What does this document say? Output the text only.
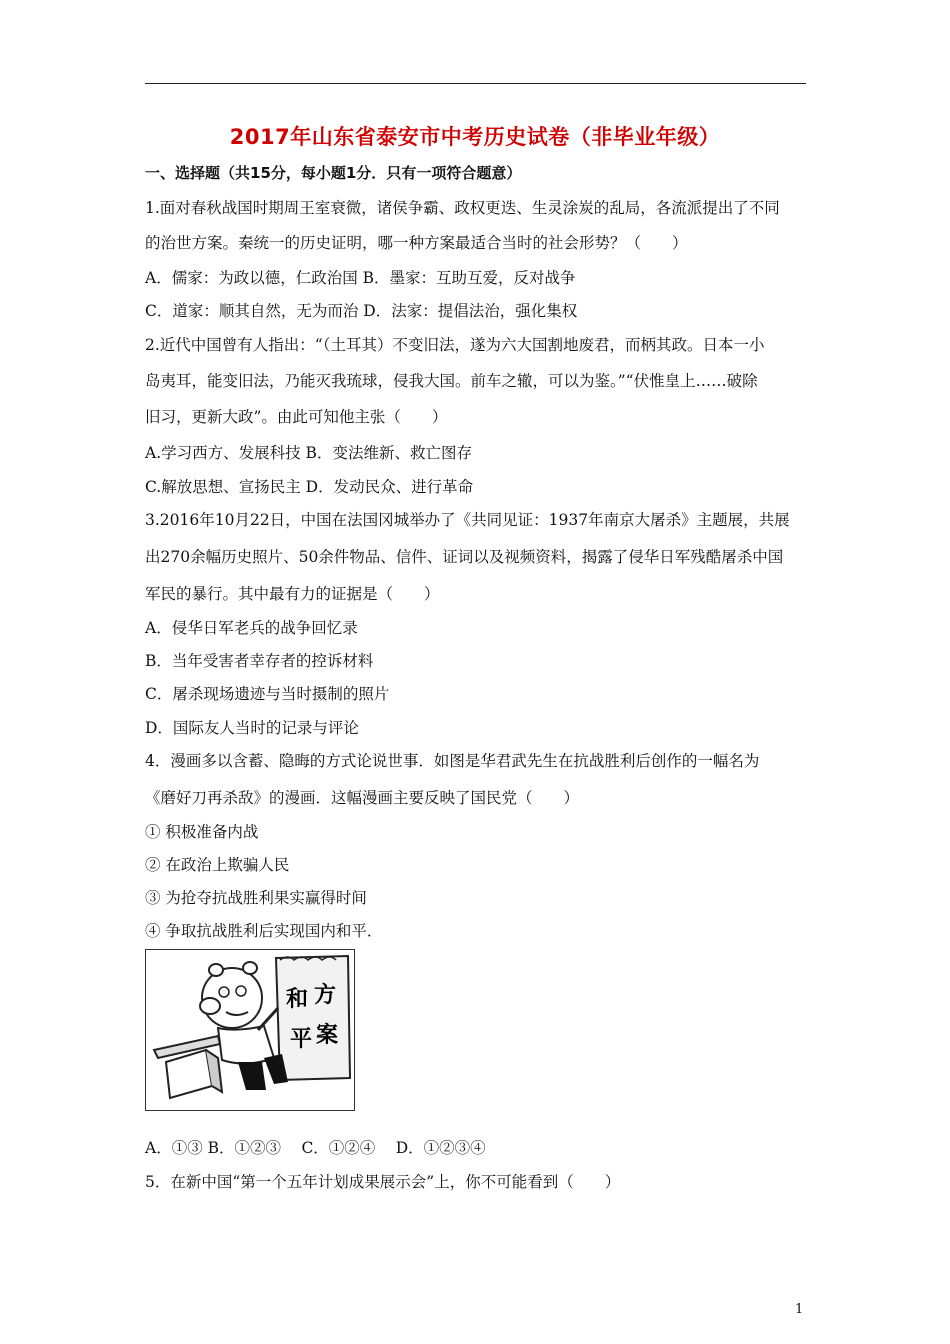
2017年山东省泰安市中考历史试卷（非毕业年级）
一、选择题（共15分，每小题1分．只有一项符合题意）
1.面对春秋战国时期周王室衰微，诸侯争霸、政权更迭、生灵涂炭的乱局，各流派提出了不同
的治世方案。秦统一的历史证明，哪一种方案最适合当时的社会形势？（　　）
A．儒家：为政以德，仁政治国 B．墨家：互助互爱，反对战争
C．道家：顺其自然，无为而治 D．法家：提倡法治，强化集权
2.近代中国曾有人指出：“（土耳其）不变旧法，遂为六大国割地废君，而柄其政。日本一小
岛夷耳，能变旧法，乃能灭我琉球，侵我大国。前车之辙，可以为鉴。”“伏惟皇上……破除
旧习，更新大政”。由此可知他主张（　　）
A.学习西方、发展科技 B．变法维新、救亡图存
C.解放思想、宣扬民主 D．发动民众、进行革命
3.2016年10月22日，中国在法国冈城举办了《共同见证：1937年南京大屠杀》主题展，共展
出270余幅历史照片、50余件物品、信件、证词以及视频资料，揭露了侵华日军残酷屠杀中国
军民的暴行。其中最有力的证据是（　　）
A．侵华日军老兵的战争回忆录
B．当年受害者幸存者的控诉材料
C．屠杀现场遗迹与当时摄制的照片
D．国际友人当时的记录与评论
4．漫画多以含蓄、隐晦的方式论说世事．如图是华君武先生在抗战胜利后创作的一幅名为
《磨好刀再杀敌》的漫画．这幅漫画主要反映了国民党（　　）
① 积极准备内战
② 在政治上欺骗人民
③ 为抢夺抗战胜利果实赢得时间
④ 争取抗战胜利后实现国内和平．
和 方
平 案
A．①③ B．①②③　 C．①②④　 D．①②③④
5．在新中国“第一个五年计划成果展示会”上，你不可能看到（　　）
1
